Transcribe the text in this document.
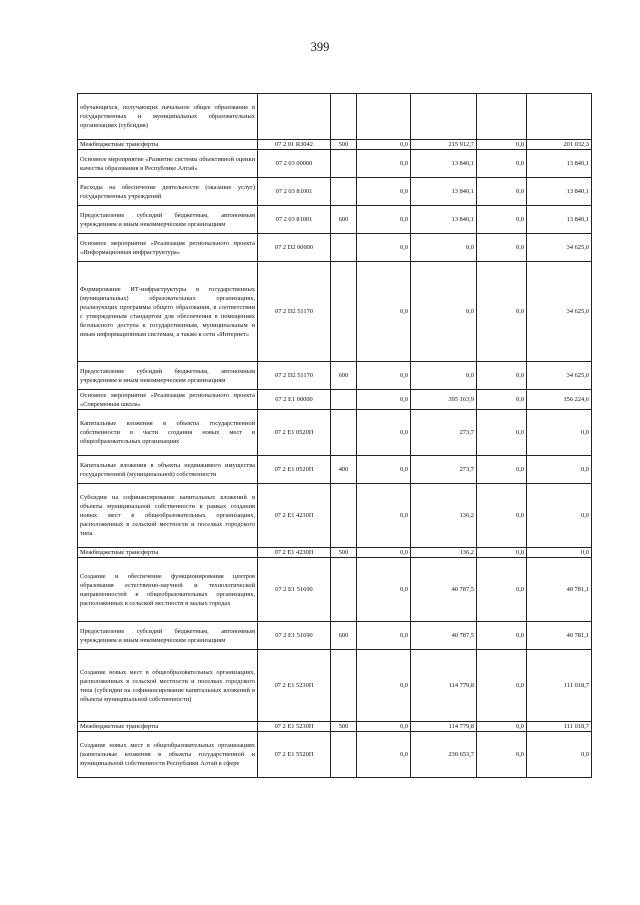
399
обучающихся, получающих начальное общее образование в государственных и муниципальных образовательных организациях (субсидия)						
Межбюджетные трансферты	07 2 01 R3042	500	0,0	215 912,7	0,0	201 032,3
Основное мероприятие «Развитие системы объективной оценки качества образования в Республике Алтай»	07 2 03 00000		0,0	13 840,1	0,0	13 840,1
Расходы на обеспечение деятельности (оказание услуг) государственных учреждений	07 2 03 81001		0,0	13 840,1	0,0	13 840,1
Предоставление субсидий бюджетным, автономным учреждениям и иным некоммерческим организациям	07 2 03 81001	600	0,0	13 840,1	0,0	13 840,1
Основное мероприятие «Реализация регионального проекта «Информационная инфраструктура»	07 2 D2 00000		0,0	0,0	0,0	34 625,0
Формирование ИТ-инфраструктуры в государственных (муниципальных) образовательных организациях, реализующих программы общего образования, в соответствии с утвержденным стандартом для обеспечения в помещениях безопасного доступа к государственным, муниципальным и иным информационным системам, а также к сети «Интернет»	07 2 D2 51170		0,0	0,0	0,0	34 625,0
Предоставление субсидий бюджетным, автономным учреждениям и иным некоммерческим организациям	07 2 D2 51170	600	0,0	0,0	0,0	34 625,0
Основное мероприятие «Реализация регионального проекта «Современная школа»	07 2 E1 00000		0,0	395 163,9	0,0	156 224,6
Капитальные вложения в объекты государственной собственности в части создания новых мест в общеобразовательных организациях	07 2 E1 0520П		0,0	273,7	0,0	0,0
Капитальные вложения в объекты недвижимого имущества государственной (муниципальной) собственности	07 2 E1 0520П	400	0,0	273,7	0,0	0,0
Субсидии на софинансирование капитальных вложений в объекты муниципальной собственности в рамках создания новых мест в общеобразовательных организациях, расположенных в сельской местности и поселках городского типа	07 2 E1 4230П		0,0	136,2	0,0	0,0
Межбюджетные трансферты	07 2 E1 4230П	500	0,0	136,2	0,0	0,0
Создание и обеспечение функционирования центров образования естественно-научной и технологической направленностей в общеобразовательных организациях, расположенных в сельской местности и малых городах	07 2 E1 51690		0,0	40 787,5	0,0	40 781,1
Предоставление субсидий бюджетным, автономным учреждениям и иным некоммерческим организациям	07 2 E1 51690	600	0,0	40 787,5	0,0	40 781,1
Создание новых мест в общеобразовательных организациях, расположенных в сельской местности и поселках городского типа (субсидии на софинансирование капитальных вложений в объекты муниципальной собственности)	07 2 E1 5230П		0,0	114 779,8	0,0	111 018,7
Межбюджетные трансферты	07 2 E1 5230П	500	0,0	114 779,8	0,0	111 018,7
Создание новых мест в общеобразовательных организациях (капитальные вложения в объекты государственной и муниципальной собственности Республики Алтай в сфере	07 2 E1 5520П		0,0	230 653,7	0,0	0,0
